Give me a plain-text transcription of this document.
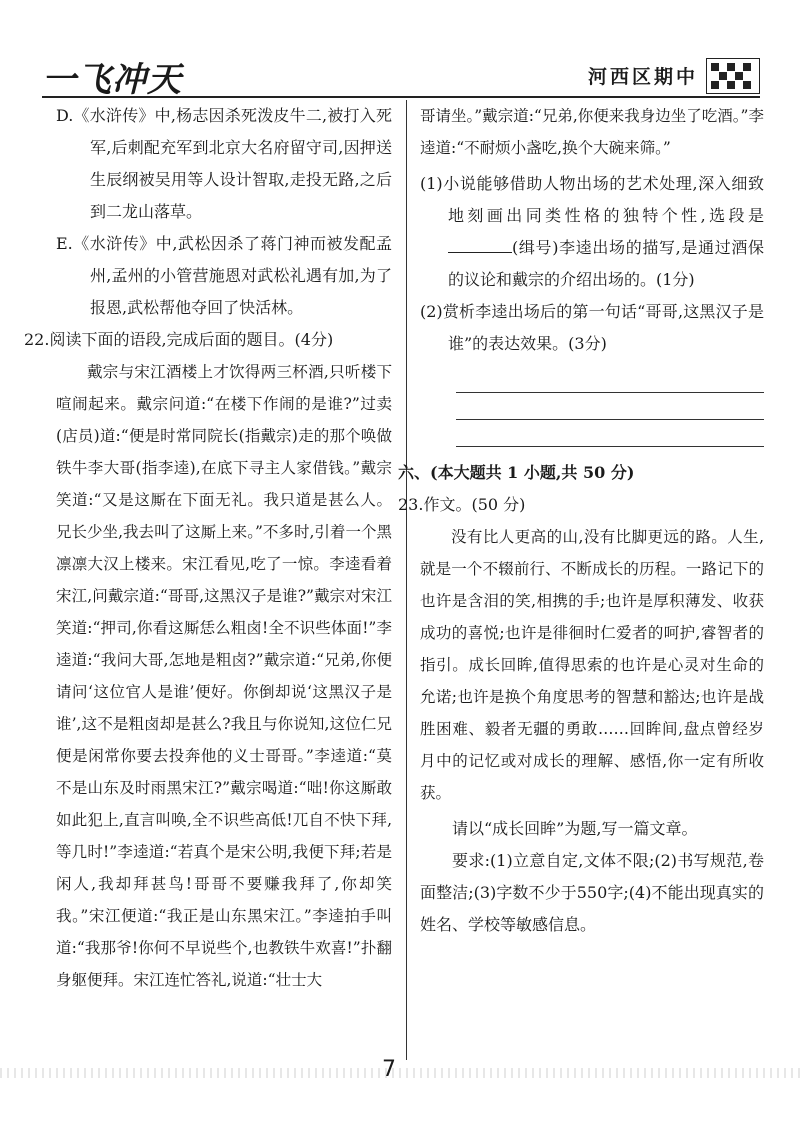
一飞冲天	河西区期中

D.《水浒传》中,杨志因杀死泼皮牛二,被打入死军,后刺配充军到北京大名府留守司,因押送生辰纲被吴用等人设计智取,走投无路,之后到二龙山落草。

E.《水浒传》中,武松因杀了蒋门神而被发配孟州,孟州的小管营施恩对武松礼遇有加,为了报恩,武松帮他夺回了快活林。

22.阅读下面的语段,完成后面的题目。(4分)

戴宗与宋江酒楼上才饮得两三杯酒,只听楼下喧闹起来。戴宗问道:“在楼下作闹的是谁?”过卖(店员)道:“便是时常同院长(指戴宗)走的那个唤做铁牛李大哥(指李逵),在底下寻主人家借钱。”戴宗笑道:“又是这厮在下面无礼。我只道是甚么人。兄长少坐,我去叫了这厮上来。”不多时,引着一个黑凛凛大汉上楼来。宋江看见,吃了一惊。李逵看着宋江,问戴宗道:“哥哥,这黑汉子是谁?”戴宗对宋江笑道:“押司,你看这厮恁么粗卤!全不识些体面!”李逵道:“我问大哥,怎地是粗卤?”戴宗道:“兄弟,你便请问‘这位官人是谁’便好。你倒却说‘这黑汉子是谁’,这不是粗卤却是甚么?我且与你说知,这位仁兄便是闲常你要去投奔他的义士哥哥。”李逵道:“莫不是山东及时雨黑宋江?”戴宗喝道:“咄!你这厮敢如此犯上,直言叫唤,全不识些高低!兀自不快下拜,等几时!”李逵道:“若真个是宋公明,我便下拜;若是闲人,我却拜甚鸟!哥哥不要赚我拜了,你却笑我。”宋江便道:“我正是山东黑宋江。”李逵拍手叫道:“我那爷!你何不早说些个,也教铁牛欢喜!”扑翻身躯便拜。宋江连忙答礼,说道:“壮士大

哥请坐。”戴宗道:“兄弟,你便来我身边坐了吃酒。”李逵道:“不耐烦小盏吃,换个大碗来筛。”

(1)小说能够借助人物出场的艺术处理,深入细致地刻画出同类性格的独特个性,选段是(缉号)李逵出场的描写,是通过酒保的议论和戴宗的介绍出场的。(1分)

(2)赏析李逵出场后的第一句话“哥哥,这黑汉子是谁”的表达效果。(3分)

六、(本大题共 1 小题,共 50 分)

23.作文。(50 分)

没有比人更高的山,没有比脚更远的路。人生,就是一个不辍前行、不断成长的历程。一路记下的也许是含泪的笑,相携的手;也许是厚积薄发、收获成功的喜悦;也许是徘徊时仁爱者的呵护,睿智者的指引。成长回眸,值得思索的也许是心灵对生命的允诺;也许是换个角度思考的智慧和豁达;也许是战胜困难、毅者无疆的勇敢……回眸间,盘点曾经岁月中的记忆或对成长的理解、感悟,你一定有所收获。

请以“成长回眸”为题,写一篇文章。

要求:(1)立意自定,文体不限;(2)书写规范,卷面整洁;(3)字数不少于550字;(4)不能出现真实的姓名、学校等敏感信息。

7
